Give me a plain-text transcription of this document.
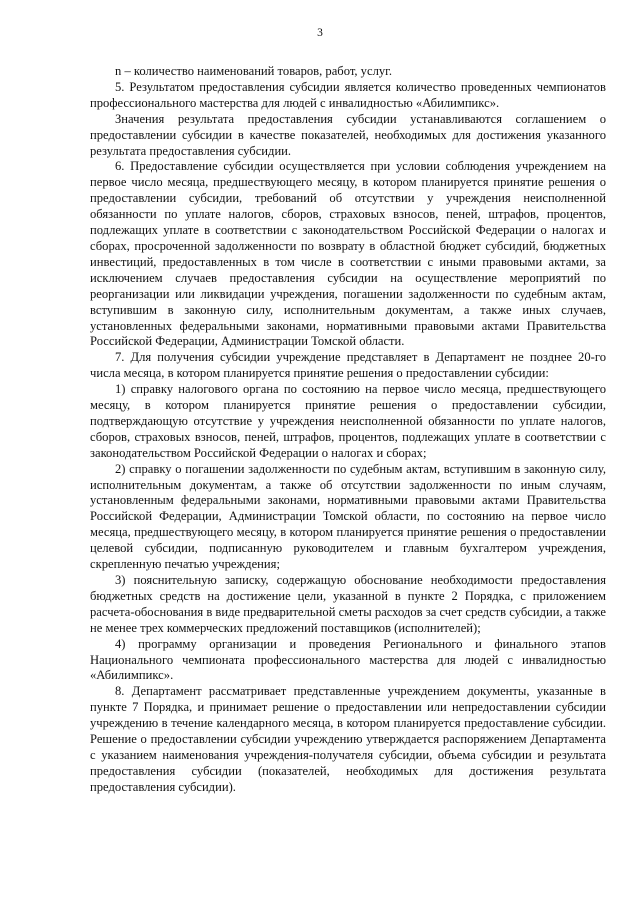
3

n – количество наименований товаров, работ, услуг.

5. Результатом предоставления субсидии является количество проведенных чемпионатов профессионального мастерства для людей с инвалидностью «Абилимпикс».

Значения результата предоставления субсидии устанавливаются соглашением о предоставлении субсидии в качестве показателей, необходимых для достижения указанного результата предоставления субсидии.

6. Предоставление субсидии осуществляется при условии соблюдения учреждением на первое число месяца, предшествующего месяцу, в котором планируется принятие решения о предоставлении субсидии, требований об отсутствии у учреждения неисполненной обязанности по уплате налогов, сборов, страховых взносов, пеней, штрафов, процентов, подлежащих уплате в соответствии с законодательством Российской Федерации о налогах и сборах, просроченной задолженности по возврату в областной бюджет субсидий, бюджетных инвестиций, предоставленных в том числе в соответствии с иными правовыми актами, за исключением случаев предоставления субсидии на осуществление мероприятий по реорганизации или ликвидации учреждения, погашении задолженности по судебным актам, вступившим в законную силу, исполнительным документам, а также иных случаев, установленных федеральными законами, нормативными правовыми актами Правительства Российской Федерации, Администрации Томской области.

7. Для получения субсидии учреждение представляет в Департамент не позднее 20-го числа месяца, в котором планируется принятие решения о предоставлении субсидии:

1) справку налогового органа по состоянию на первое число месяца, предшествующего месяцу, в котором планируется принятие решения о предоставлении субсидии, подтверждающую отсутствие у учреждения неисполненной обязанности по уплате налогов, сборов, страховых взносов, пеней, штрафов, процентов, подлежащих уплате в соответствии с законодательством Российской Федерации о налогах и сборах;

2) справку о погашении задолженности по судебным актам, вступившим в законную силу, исполнительным документам, а также об отсутствии задолженности по иным случаям, установленным федеральными законами, нормативными правовыми актами Правительства Российской Федерации, Администрации Томской области, по состоянию на первое число месяца, предшествующего месяцу, в котором планируется принятие решения о предоставлении целевой субсидии, подписанную руководителем и главным бухгалтером учреждения, скрепленную печатью учреждения;

3) пояснительную записку, содержащую обоснование необходимости предоставления бюджетных средств на достижение цели, указанной в пункте 2 Порядка, с приложением расчета-обоснования в виде предварительной сметы расходов за счет средств субсидии, а также не менее трех коммерческих предложений поставщиков (исполнителей);

4) программу организации и проведения Регионального и финального этапов Национального чемпионата профессионального мастерства для людей с инвалидностью «Абилимпикс».

8. Департамент рассматривает представленные учреждением документы, указанные в пункте 7 Порядка, и принимает решение о предоставлении или непредоставлении субсидии учреждению в течение календарного месяца, в котором планируется предоставление субсидии. Решение о предоставлении субсидии учреждению утверждается распоряжением Департамента с указанием наименования учреждения-получателя субсидии, объема субсидии и результата предоставления субсидии (показателей, необходимых для достижения результата предоставления субсидии).
